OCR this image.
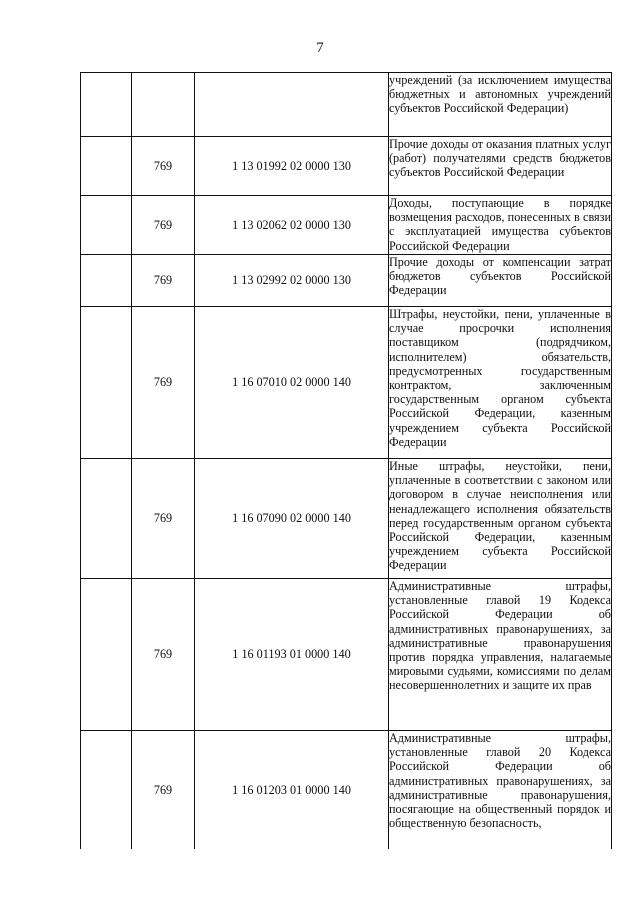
7
			учреждений (за исключением имущества бюджетных и автономных учреждений субъектов Российской Федерации)
	769	1 13 01992 02 0000 130	Прочие доходы от оказания платных услуг (работ) получателями средств бюджетов субъектов Российской Федерации
	769	1 13 02062 02 0000 130	Доходы, поступающие в порядке возмещения расходов, понесенных в связи с эксплуатацией имущества субъектов Российской Федерации
	769	1 13 02992 02 0000 130	Прочие доходы от компенсации затрат бюджетов субъектов Российской Федерации
	769	1 16 07010 02 0000 140	Штрафы, неустойки, пени, уплаченные в случае просрочки исполнения поставщиком (подрядчиком, исполнителем) обязательств, предусмотренных государственным контрактом, заключенным государственным органом субъекта Российской Федерации, казенным учреждением субъекта Российской Федерации
	769	1 16 07090 02 0000 140	Иные штрафы, неустойки, пени, уплаченные в соответствии с законом или договором в случае неисполнения или ненадлежащего исполнения обязательств перед государственным органом субъекта Российской Федерации, казенным учреждением субъекта Российской Федерации
	769	1 16 01193 01 0000 140	Административные штрафы, установленные главой 19 Кодекса Российской Федерации об административных правонарушениях, за административные правонарушения против порядка управления, налагаемые мировыми судьями, комиссиями по делам несовершеннолетних и защите их прав
	769	1 16 01203 01 0000 140	Административные штрафы, установленные главой 20 Кодекса Российской Федерации об административных правонарушениях, за административные правонарушения, посягающие на общественный порядок и общественную безопасность,
